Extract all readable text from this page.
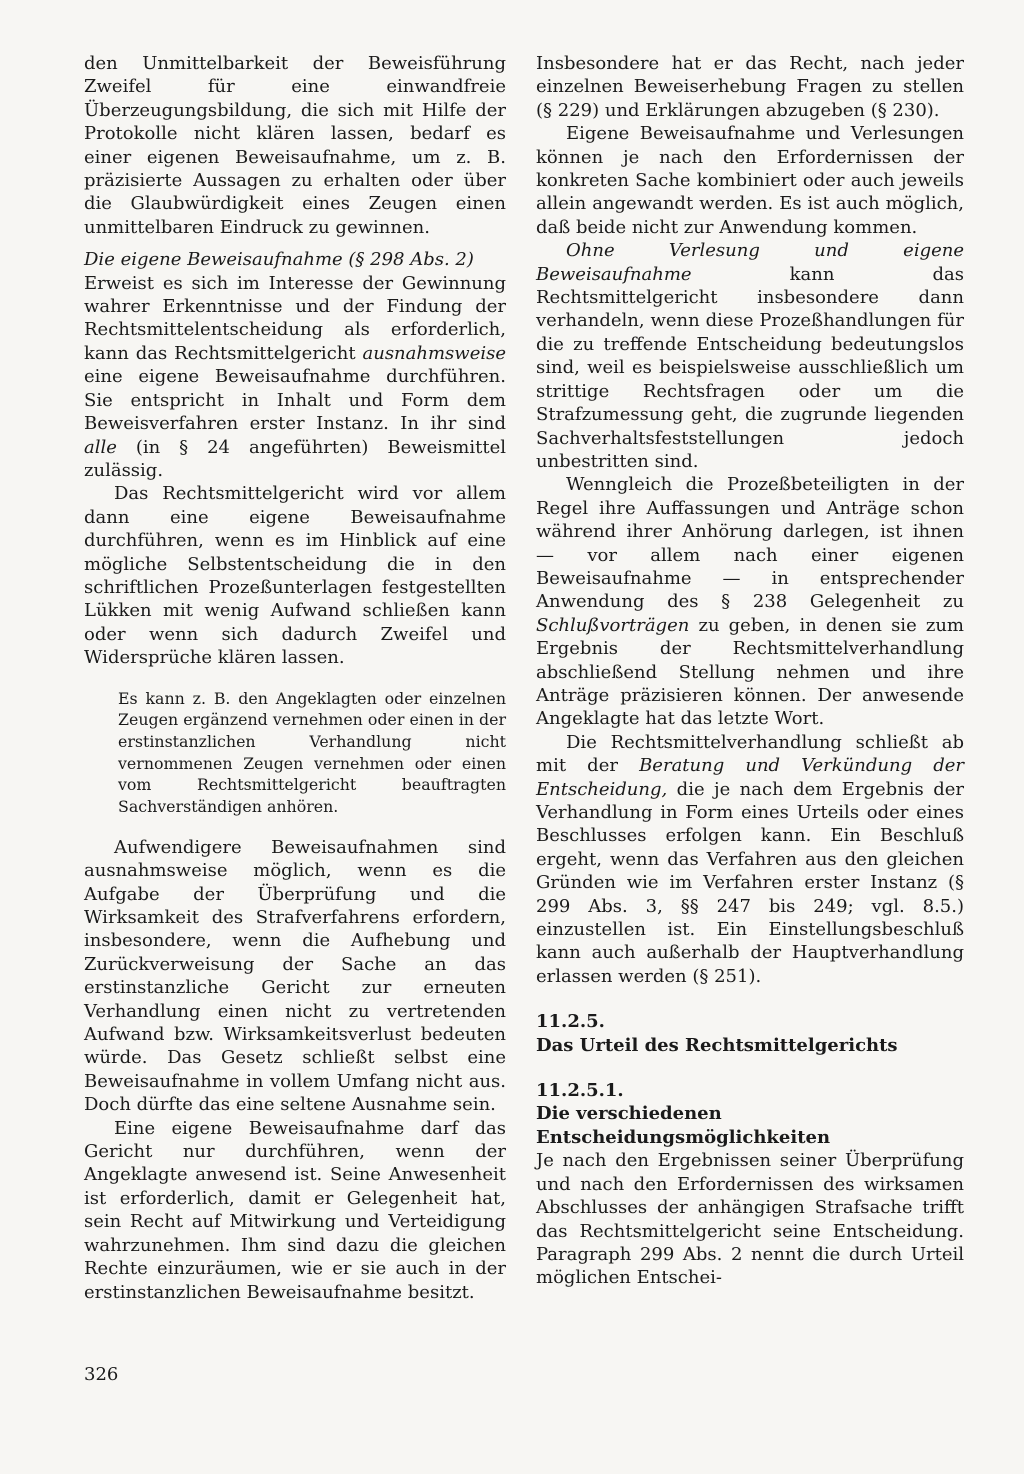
den Unmittelbarkeit der Beweisführung Zweifel für eine einwandfreie Überzeugungsbildung, die sich mit Hilfe der Protokolle nicht klären lassen, bedarf es einer eigenen Beweisaufnahme, um z. B. präzisierte Aussagen zu erhalten oder über die Glaubwürdigkeit eines Zeugen einen unmittelbaren Eindruck zu gewinnen.

Die eigene Beweisaufnahme (§ 298 Abs. 2)
Erweist es sich im Interesse der Gewinnung wahrer Erkenntnisse und der Findung der Rechtsmittelentscheidung als erforderlich, kann das Rechtsmittelgericht ausnahmsweise eine eigene Beweisaufnahme durchführen. Sie entspricht in Inhalt und Form dem Beweisverfahren erster Instanz. In ihr sind alle (in § 24 angeführten) Beweismittel zulässig.

Das Rechtsmittelgericht wird vor allem dann eine eigene Beweisaufnahme durchführen, wenn es im Hinblick auf eine mögliche Selbstentscheidung die in den schriftlichen Prozeßunterlagen festgestellten Lükken mit wenig Aufwand schließen kann oder wenn sich dadurch Zweifel und Widersprüche klären lassen.

Es kann z. B. den Angeklagten oder einzelnen Zeugen ergänzend vernehmen oder einen in der erstinstanzlichen Verhandlung nicht vernommenen Zeugen vernehmen oder einen vom Rechtsmittelgericht beauftragten Sachverständigen anhören.

Aufwendigere Beweisaufnahmen sind ausnahmsweise möglich, wenn es die Aufgabe der Überprüfung und die Wirksamkeit des Strafverfahrens erfordern, insbesondere, wenn die Aufhebung und Zurückverweisung der Sache an das erstinstanzliche Gericht zur erneuten Verhandlung einen nicht zu vertretenden Aufwand bzw. Wirksamkeitsverlust bedeuten würde. Das Gesetz schließt selbst eine Beweisaufnahme in vollem Umfang nicht aus. Doch dürfte das eine seltene Ausnahme sein.

Eine eigene Beweisaufnahme darf das Gericht nur durchführen, wenn der Angeklagte anwesend ist. Seine Anwesenheit ist erforderlich, damit er Gelegenheit hat, sein Recht auf Mitwirkung und Verteidigung wahrzunehmen. Ihm sind dazu die gleichen Rechte einzuräumen, wie er sie auch in der erstinstanzlichen Beweisaufnahme besitzt.

Insbesondere hat er das Recht, nach jeder einzelnen Beweiserhebung Fragen zu stellen (§ 229) und Erklärungen abzugeben (§ 230).

Eigene Beweisaufnahme und Verlesungen können je nach den Erfordernissen der konkreten Sache kombiniert oder auch jeweils allein angewandt werden. Es ist auch möglich, daß beide nicht zur Anwendung kommen.

Ohne Verlesung und eigene Beweisaufnahme kann das Rechtsmittelgericht insbesondere dann verhandeln, wenn diese Prozeßhandlungen für die zu treffende Entscheidung bedeutungslos sind, weil es beispielsweise ausschließlich um strittige Rechtsfragen oder um die Strafzumessung geht, die zugrunde liegenden Sachverhaltsfeststellungen jedoch unbestritten sind.

Wenngleich die Prozeßbeteiligten in der Regel ihre Auffassungen und Anträge schon während ihrer Anhörung darlegen, ist ihnen — vor allem nach einer eigenen Beweisaufnahme — in entsprechender Anwendung des § 238 Gelegenheit zu Schlußvorträgen zu geben, in denen sie zum Ergebnis der Rechtsmittelverhandlung abschließend Stellung nehmen und ihre Anträge präzisieren können. Der anwesende Angeklagte hat das letzte Wort.

Die Rechtsmittelverhandlung schließt ab mit der Beratung und Verkündung der Entscheidung, die je nach dem Ergebnis der Verhandlung in Form eines Urteils oder eines Beschlusses erfolgen kann. Ein Beschluß ergeht, wenn das Verfahren aus den gleichen Gründen wie im Verfahren erster Instanz (§ 299 Abs. 3, §§ 247 bis 249; vgl. 8.5.) einzustellen ist. Ein Einstellungsbeschluß kann auch außerhalb der Hauptverhandlung erlassen werden (§ 251).

11.2.5.

Das Urteil des Rechtsmittelgerichts

11.2.5.1.

Die verschiedenen

Entscheidungsmöglichkeiten

Je nach den Ergebnissen seiner Überprüfung und nach den Erfordernissen des wirksamen Abschlusses der anhängigen Strafsache trifft das Rechtsmittelgericht seine Entscheidung. Paragraph 299 Abs. 2 nennt die durch Urteil möglichen Entschei-

326
